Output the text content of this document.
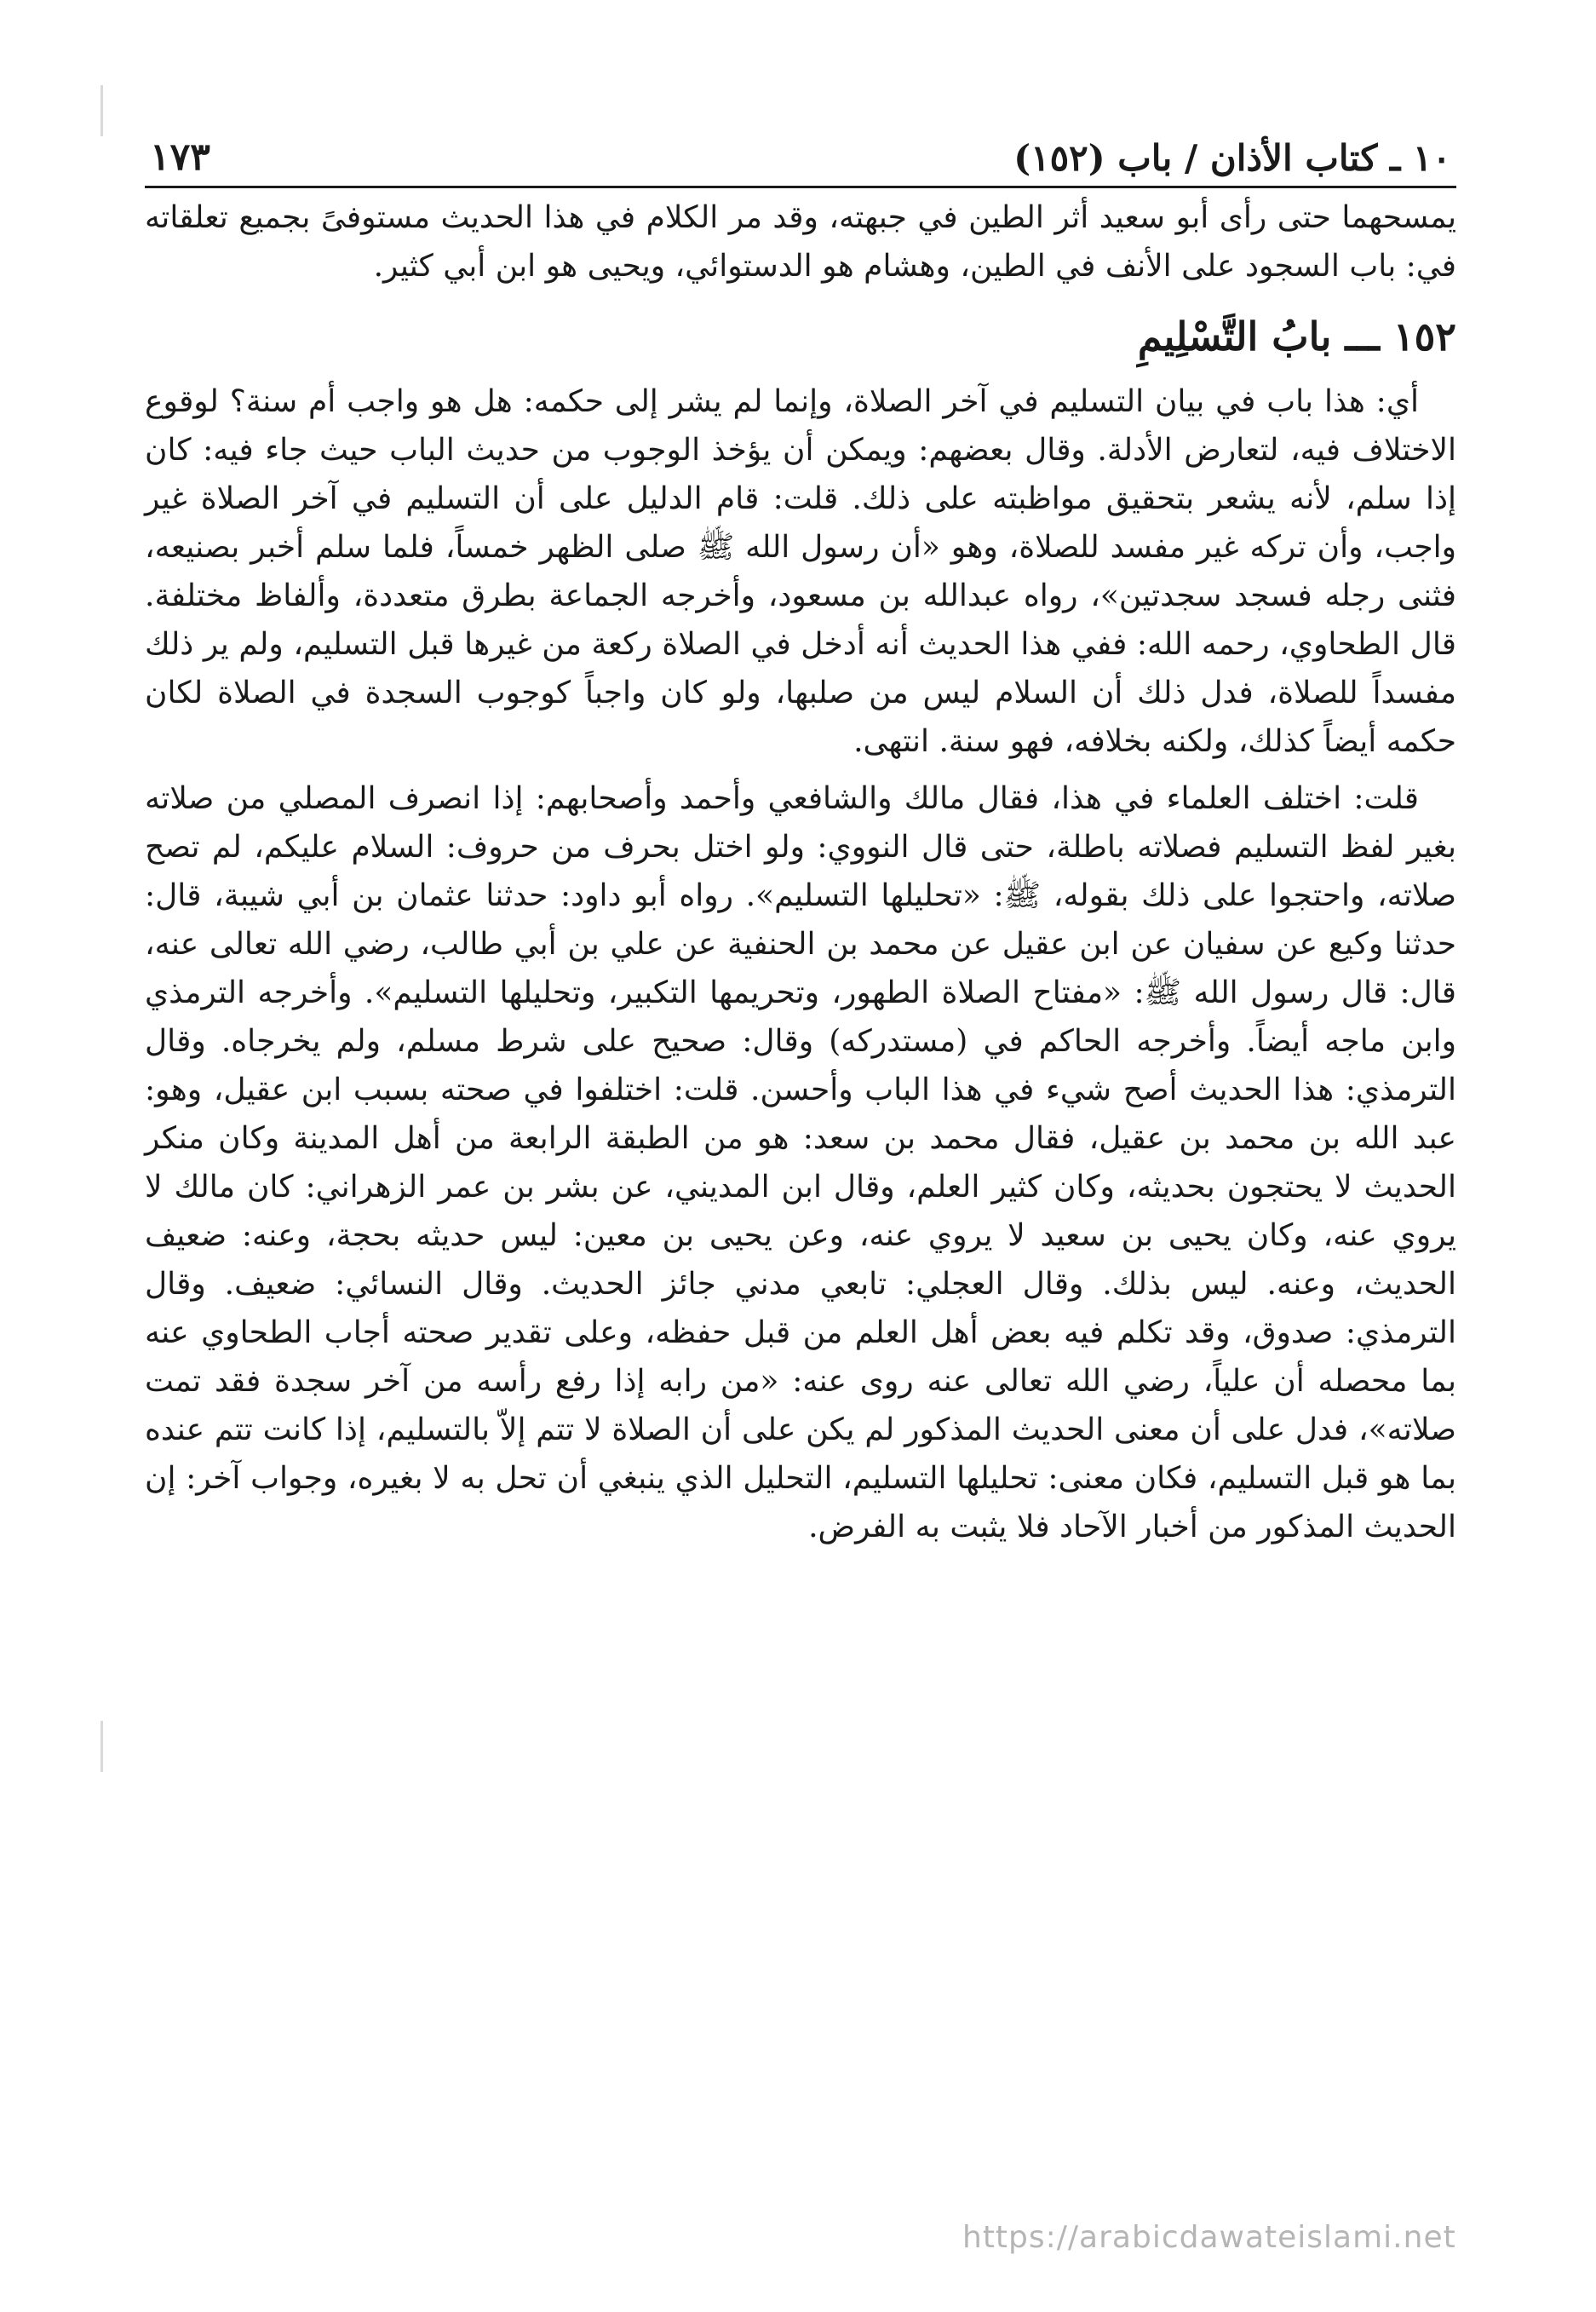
١٠ ـ كتاب الأذان / باب (١٥٢)
١٧٣

يمسحهما حتى رأى أبو سعيد أثر الطين في جبهته، وقد مر الكلام في هذا الحديث مستوفىً بجميع تعلقاته في: باب السجود على الأنف في الطين، وهشام هو الدستوائي، ويحيى هو ابن أبي كثير.

١٥٢ ـــ بابُ التَّسْلِيمِ

أي: هذا باب في بيان التسليم في آخر الصلاة، وإنما لم يشر إلى حكمه: هل هو واجب أم سنة؟ لوقوع الاختلاف فيه، لتعارض الأدلة. وقال بعضهم: ويمكن أن يؤخذ الوجوب من حديث الباب حيث جاء فيه: كان إذا سلم، لأنه يشعر بتحقيق مواظبته على ذلك. قلت: قام الدليل على أن التسليم في آخر الصلاة غير واجب، وأن تركه غير مفسد للصلاة، وهو «أن رسول الله ﷺ صلى الظهر خمساً، فلما سلم أخبر بصنيعه، فثنى رجله فسجد سجدتين»، رواه عبدالله بن مسعود، وأخرجه الجماعة بطرق متعددة، وألفاظ مختلفة. قال الطحاوي، رحمه الله: ففي هذا الحديث أنه أدخل في الصلاة ركعة من غيرها قبل التسليم، ولم ير ذلك مفسداً للصلاة، فدل ذلك أن السلام ليس من صلبها، ولو كان واجباً كوجوب السجدة في الصلاة لكان حكمه أيضاً كذلك، ولكنه بخلافه، فهو سنة. انتهى.

قلت: اختلف العلماء في هذا، فقال مالك والشافعي وأحمد وأصحابهم: إذا انصرف المصلي من صلاته بغير لفظ التسليم فصلاته باطلة، حتى قال النووي: ولو اختل بحرف من حروف: السلام عليكم، لم تصح صلاته، واحتجوا على ذلك بقوله، ﷺ: «تحليلها التسليم». رواه أبو داود: حدثنا عثمان بن أبي شيبة، قال: حدثنا وكيع عن سفيان عن ابن عقيل عن محمد بن الحنفية عن علي بن أبي طالب، رضي الله تعالى عنه، قال: قال رسول الله ﷺ: «مفتاح الصلاة الطهور، وتحريمها التكبير، وتحليلها التسليم». وأخرجه الترمذي وابن ماجه أيضاً. وأخرجه الحاكم في (مستدركه) وقال: صحيح على شرط مسلم، ولم يخرجاه. وقال الترمذي: هذا الحديث أصح شيء في هذا الباب وأحسن. قلت: اختلفوا في صحته بسبب ابن عقيل، وهو: عبد الله بن محمد بن عقيل، فقال محمد بن سعد: هو من الطبقة الرابعة من أهل المدينة وكان منكر الحديث لا يحتجون بحديثه، وكان كثير العلم، وقال ابن المديني، عن بشر بن عمر الزهراني: كان مالك لا يروي عنه، وكان يحيى بن سعيد لا يروي عنه، وعن يحيى بن معين: ليس حديثه بحجة، وعنه: ضعيف الحديث، وعنه. ليس بذلك. وقال العجلي: تابعي مدني جائز الحديث. وقال النسائي: ضعيف. وقال الترمذي: صدوق، وقد تكلم فيه بعض أهل العلم من قبل حفظه، وعلى تقدير صحته أجاب الطحاوي عنه بما محصله أن علياً، رضي الله تعالى عنه روى عنه: «من رابه إذا رفع رأسه من آخر سجدة فقد تمت صلاته»، فدل على أن معنى الحديث المذكور لم يكن على أن الصلاة لا تتم إلاّ بالتسليم، إذا كانت تتم عنده بما هو قبل التسليم، فكان معنى: تحليلها التسليم، التحليل الذي ينبغي أن تحل به لا بغيره، وجواب آخر: إن الحديث المذكور من أخبار الآحاد فلا يثبت به الفرض.

https://arabicdawateislami.net
